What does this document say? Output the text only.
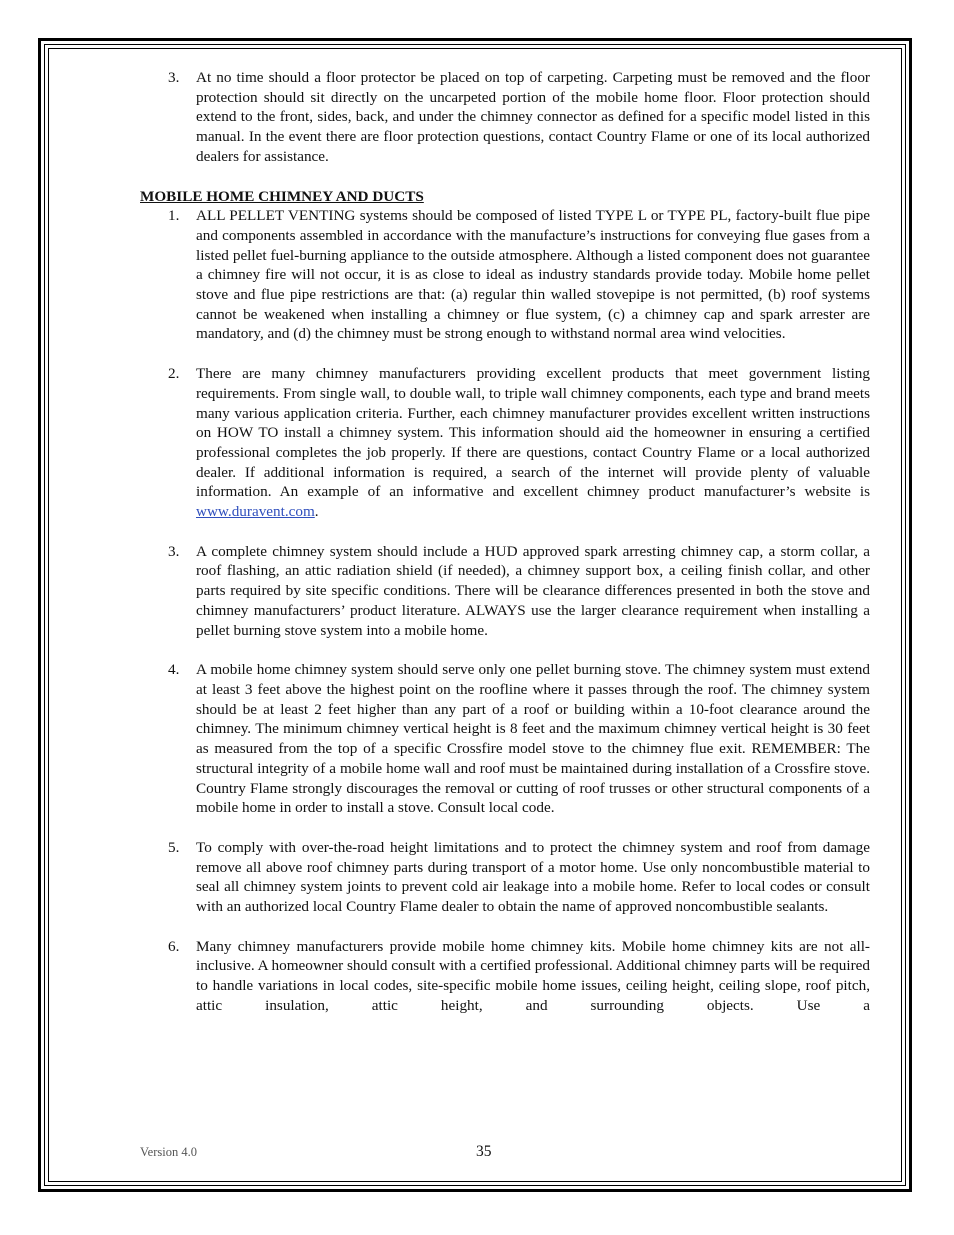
3.	At no time should a floor protector be placed on top of carpeting. Carpeting must be removed and the floor protection should sit directly on the uncarpeted portion of the mobile home floor. Floor protection should extend to the front, sides, back, and under the chimney connector as defined for a specific model listed in this manual. In the event there are floor protection questions, contact Country Flame or one of its local authorized dealers for assistance.
MOBILE HOME CHIMNEY AND DUCTS
1.	ALL PELLET VENTING systems should be composed of listed TYPE L or TYPE PL, factory-built flue pipe and components assembled in accordance with the manufacture’s instructions for conveying flue gases from a listed pellet fuel-burning appliance to the outside atmosphere. Although a listed component does not guarantee a chimney fire will not occur, it is as close to ideal as industry standards provide today. Mobile home pellet stove and flue pipe restrictions are that: (a) regular thin walled stovepipe is not permitted, (b) roof systems cannot be weakened when installing a chimney or flue system, (c) a chimney cap and spark arrester are mandatory, and (d) the chimney must be strong enough to withstand normal area wind velocities.
2.	There are many chimney manufacturers providing excellent products that meet government listing requirements. From single wall, to double wall, to triple wall chimney components, each type and brand meets many various application criteria. Further, each chimney manufacturer provides excellent written instructions on HOW TO install a chimney system. This information should aid the homeowner in ensuring a certified professional completes the job properly. If there are questions, contact Country Flame or a local authorized dealer. If additional information is required, a search of the internet will provide plenty of valuable information. An example of an informative and excellent chimney product manufacturer’s website is www.duravent.com.
3.	A complete chimney system should include a HUD approved spark arresting chimney cap, a storm collar, a roof flashing, an attic radiation shield (if needed), a chimney support box, a ceiling finish collar, and other parts required by site specific conditions. There will be clearance differences presented in both the stove and chimney manufacturers’ product literature. ALWAYS use the larger clearance requirement when installing a pellet burning stove system into a mobile home.
4.	A mobile home chimney system should serve only one pellet burning stove. The chimney system must extend at least 3 feet above the highest point on the roofline where it passes through the roof. The chimney system should be at least 2 feet higher than any part of a roof or building within a 10-foot clearance around the chimney. The minimum chimney vertical height is 8 feet and the maximum chimney vertical height is 30 feet as measured from the top of a specific Crossfire model stove to the chimney flue exit. REMEMBER: The structural integrity of a mobile home wall and roof must be maintained during installation of a Crossfire stove. Country Flame strongly discourages the removal or cutting of roof trusses or other structural components of a mobile home in order to install a stove. Consult local code.
5.	To comply with over-the-road height limitations and to protect the chimney system and roof from damage remove all above roof chimney parts during transport of a motor home. Use only noncombustible material to seal all chimney system joints to prevent cold air leakage into a mobile home. Refer to local codes or consult with an authorized local Country Flame dealer to obtain the name of approved noncombustible sealants.
6.	Many chimney manufacturers provide mobile home chimney kits. Mobile home chimney kits are not all-inclusive. A homeowner should consult with a certified professional. Additional chimney parts will be required to handle variations in local codes, site-specific mobile home issues, ceiling height, ceiling slope, roof pitch, attic insulation, attic height, and surrounding objects. Use a
Version 4.0	35
